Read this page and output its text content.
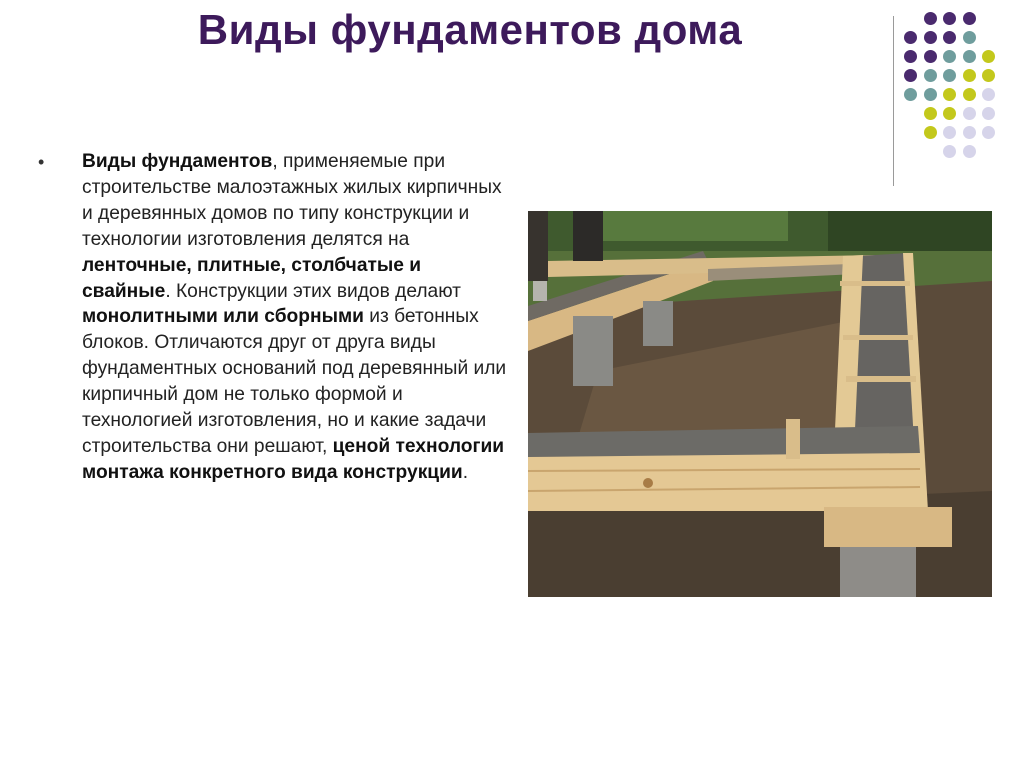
Виды фундаментов дома
• Виды фундаментов, применяемые при строительстве малоэтажных жилых кирпичных и деревянных домов по типу конструкции и технологии изготовления делятся на ленточные, плитные, столбчатые и свайные. Конструкции этих видов делают монолитными или сборными из бетонных блоков. Отличаются друг от друга виды фундаментных оснований под деревянный или кирпичный дом не только формой и технологией изготовления, но и какие задачи строительства они решают, ценой технологии монтажа конкретного вида конструкции.
